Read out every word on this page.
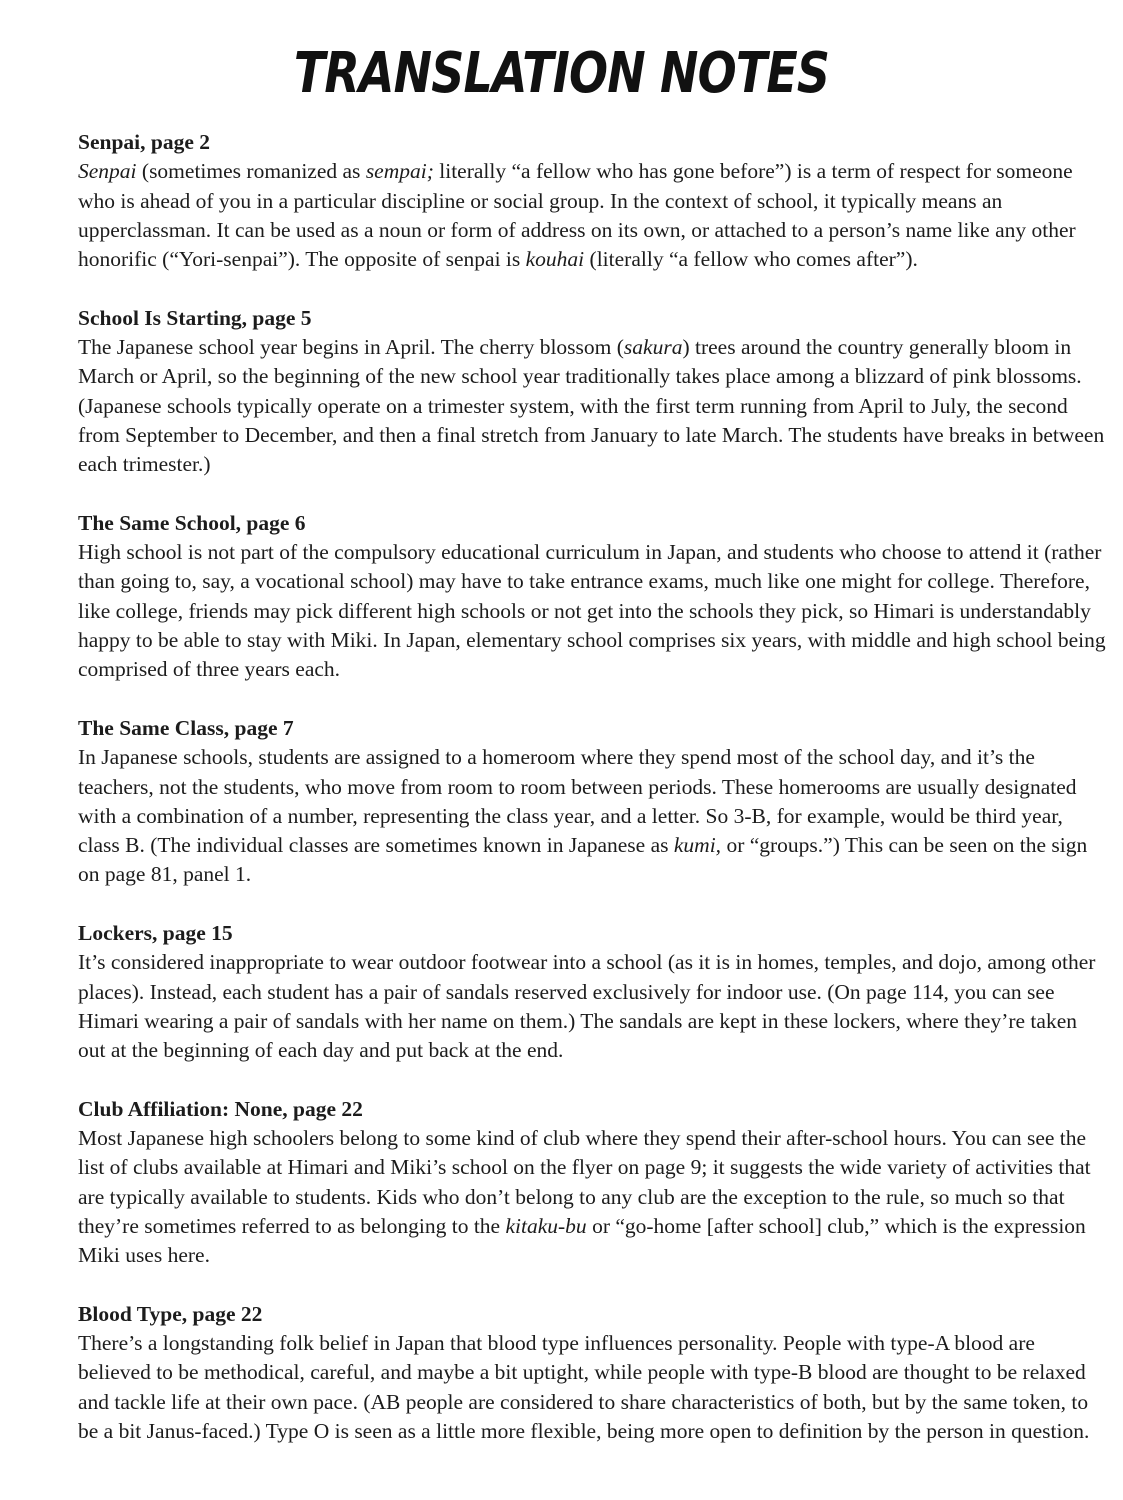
TRANSLATION NOTES
Senpai, page 2

Senpai (sometimes romanized as sempai; literally “a fellow who has gone before”) is a term of respect for someone who is ahead of you in a particular discipline or social group. In the context of school, it typically means an upperclassman. It can be used as a noun or form of address on its own, or attached to a person’s name like any other honorific (“Yori-senpai”). The opposite of senpai is kouhai (literally “a fellow who comes after”).

School Is Starting, page 5

The Japanese school year begins in April. The cherry blossom (sakura) trees around the country generally bloom in March or April, so the beginning of the new school year traditionally takes place among a blizzard of pink blossoms. (Japanese schools typically operate on a trimester system, with the first term running from April to July, the second from September to December, and then a final stretch from January to late March. The students have breaks in between each trimester.)

The Same School, page 6

High school is not part of the compulsory educational curriculum in Japan, and students who choose to attend it (rather than going to, say, a vocational school) may have to take entrance exams, much like one might for college. Therefore, like college, friends may pick different high schools or not get into the schools they pick, so Himari is understandably happy to be able to stay with Miki. In Japan, elementary school comprises six years, with middle and high school being comprised of three years each.

The Same Class, page 7

In Japanese schools, students are assigned to a homeroom where they spend most of the school day, and it’s the teachers, not the students, who move from room to room between periods. These homerooms are usually designated with a combination of a number, representing the class year, and a letter. So 3-B, for example, would be third year, class B. (The individual classes are sometimes known in Japanese as kumi, or “groups.”) This can be seen on the sign on page 81, panel 1.

Lockers, page 15

It’s considered inappropriate to wear outdoor footwear into a school (as it is in homes, temples, and dojo, among other places). Instead, each student has a pair of sandals reserved exclusively for indoor use. (On page 114, you can see Himari wearing a pair of sandals with her name on them.) The sandals are kept in these lockers, where they’re taken out at the beginning of each day and put back at the end.

Club Affiliation: None, page 22

Most Japanese high schoolers belong to some kind of club where they spend their after-school hours. You can see the list of clubs available at Himari and Miki’s school on the flyer on page 9; it suggests the wide variety of activities that are typically available to students. Kids who don’t belong to any club are the exception to the rule, so much so that they’re sometimes referred to as belonging to the kitaku-bu or “go-home [after school] club,” which is the expression Miki uses here.

Blood Type, page 22

There’s a longstanding folk belief in Japan that blood type influences personality. People with type-A blood are believed to be methodical, careful, and maybe a bit uptight, while people with type-B blood are thought to be relaxed and tackle life at their own pace. (AB people are considered to share characteristics of both, but by the same token, to be a bit Janus-faced.) Type O is seen as a little more flexible, being more open to definition by the person in question.
